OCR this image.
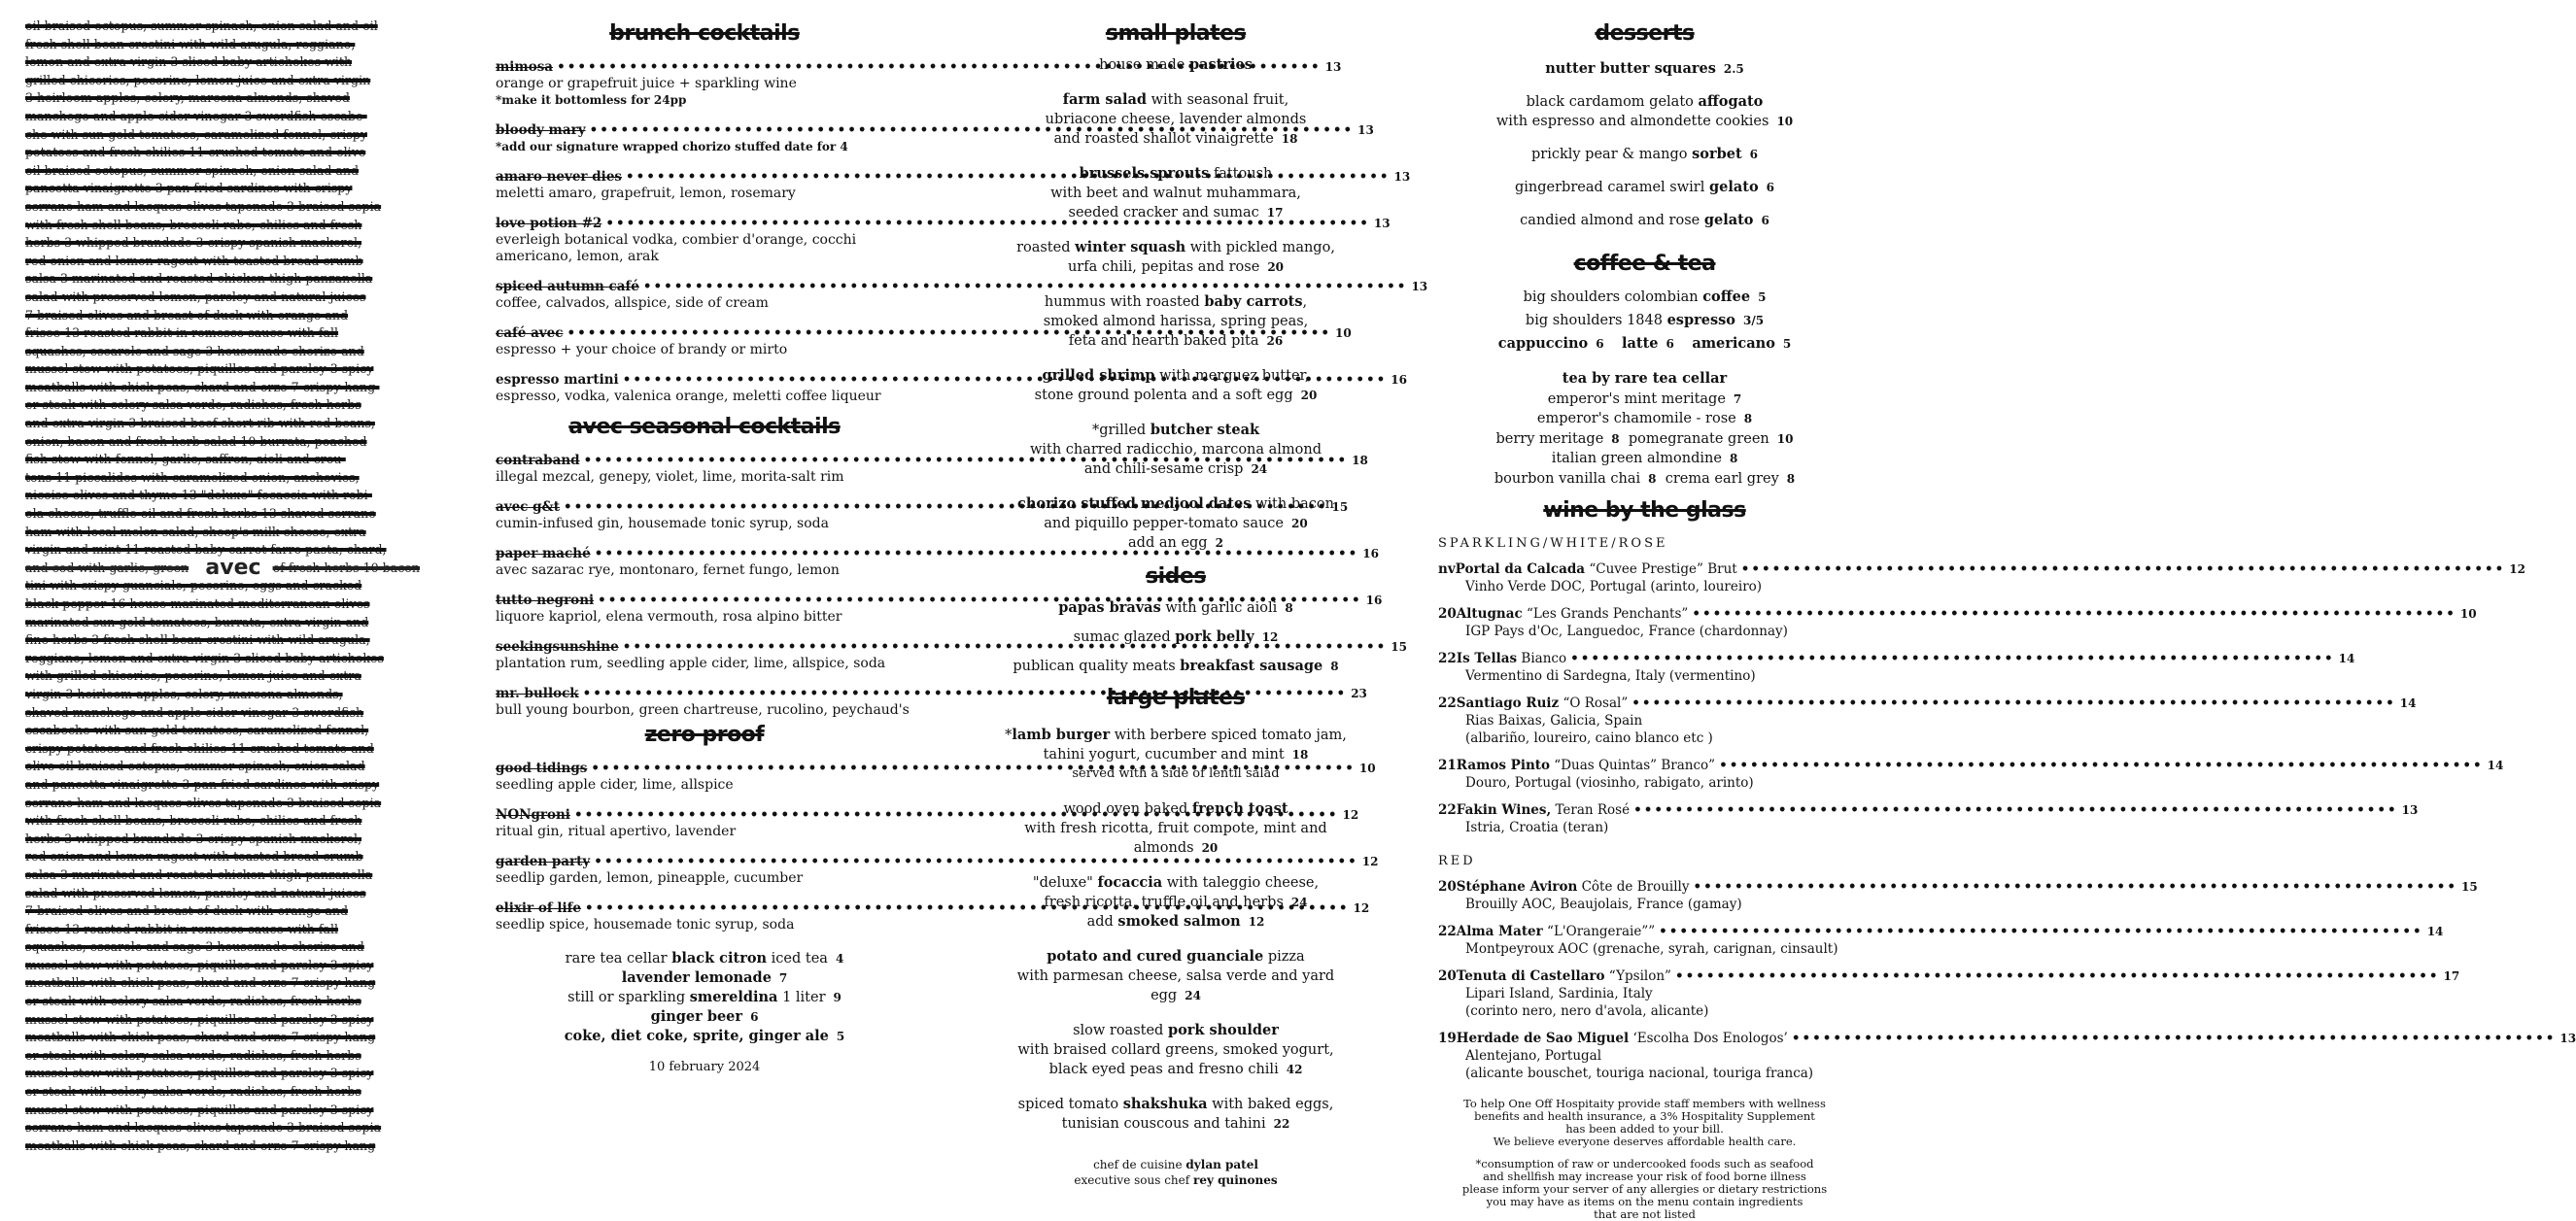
oil braised octopus, summer spinach, onion salad and oil
fresh shell bean crostini with wild arugula, reggiano,
lemon and extra virgin 3 sliced baby artichokes with
grilled chicories, pecorino, lemon juice and extra virgin
3 heirloom apples, celery, marcona almonds, shaved
manchego and apple cider vinegar 3 swordfish escabe-
che with sun gold tomatoes, caramelized fennel, crispy
potatoes and fresh chilies 11 crushed tomato and olive
oil braised octopus, summer spinach, onion salad and
pancetta vinaigrette 3 pan fried sardines with crispy
serrano ham and lacques olives tapenade 3 braised sepia
with fresh shell beans, broccoli rabe, chilies and fresh
herbs 3 whipped brandade 3 crispy spanish mackerel,
red onion and lemon ragout with toasted bread crumb
salsa 3 marinated and roasted chicken thigh panzanella
salad with preserved lemon, parsley and natural juices
7 braised olives and breast of duck with orange and
frisee 13 roasted rabbit in romesco sauce with fall
squashes, escarole and sage 3 housemade chorizo and
mussel stew with potatoes, piquillos and parsley 3 spicy
meatballs with chick peas, chard and orzo 7 crispy hang-
er steak with celery salsa verde, radishes, fresh herbs
and extra virgin 3 braised beef short rib with red beans,
onion, bacon and fresh herb salad 10 burrata, poached
fish stew with fennel, garlic, saffron, aioli and crou-
tons 11 piccalidos with caramelized onion, anchovies,
nicoise olives and thyme 13 "deluxe" focaccia with robi-
ola cheese, truffle oil and fresh herbs 13 shaved serrano
ham with local melon salad, sheep's milk cheese, extra
virgin and mint 11 roasted baby carrot farro pasta, chard,
and cod with garlic, green avec of fresh herbs 10 bacon
tini with crispy guanciale, pecorino, eggs and cracked
black pepper 16 house-marinated mediterranean olives
marinated sun gold tomatoes, burrata, extra virgin and
fine herbs 3 fresh shell bean crostini with wild arugula,
reggiano, lemon and extra virgin 3 sliced baby artichokes
with grilled chicories, pecorino, lemon juice and extra
virgin 3 heirloom apples, celery, marcona almonds,
shaved manchego and apple cider vinegar 3 swordfish
escabeche with sun gold tomatoes, caramelized fennel,
crispy potatoes and fresh chilies 11 crushed tomato and
olive oil braised octopus, summer spinach, onion salad
and pancetta vinaigrette 3 pan fried sardines with crispy
serrano ham and lacques olives tapenade 3 braised sepia
with fresh shell beans, broccoli rabe, chilies and fresh
herbs 3 whipped brandade 3 crispy spanish mackerel,
red onion and lemon ragout with toasted bread crumb
salsa 3 marinated and roasted chicken thigh panzanella
salad with preserved lemon, parsley and natural juices
7 braised olives and breast of duck with orange and
frisee 13 roasted rabbit in romesco sauce with fall
squashes, escarole and sage 3 housemade chorizo and
mussel stew with potatoes, piquillos and parsley 3 spicy
meatballs with chick peas, chard and orzo 7 crispy hang
er steak with celery salsa verde, radishes, fresh herbs
mussel stew with potatoes, piquillos and parsley 3 spicy
meatballs with chick peas, chard and orzo 7 crispy hang
er steak with celery salsa verde, radishes, fresh herbs
mussel stew with potatoes, piquillos and parsley 3 spicy
er steak with celery salsa verde, radishes, fresh herbs
mussel stew with potatoes, piquillos and parsley 3 spicy
serrano ham and lacques olives tapenade 3 braised sepia
meatballs with chick peas, chard and orzo 7 crispy hang
brunch cocktails
mimosa •••••	13
orange or grapefruit juice + sparkling wine
*make it bottomless for 24pp
bloody mary •••••	13
*add our signature wrapped chorizo stuffed date for 4
amaro never dies •••••	13
meletti amaro, grapefruit, lemon, rosemary
love potion #2 •••••	13
everleigh botanical vodka, combier d'orange, cocchi americano, lemon, arak
spiced autumn café •••••	13
coffee, calvados, allspice, side of cream
café avec •••••	10
espresso + your choice of brandy or mirto
espresso martini •••••	16
espresso, vodka, valenica orange, meletti coffee liqueur
avec seasonal cocktails
contraband •••••	18
illegal mezcal, genepy, violet, lime, morita-salt rim
avec g&t •••••	15
cumin-infused gin, housemade tonic syrup, soda
paper maché •••••	16
avec sazarac rye, montonaro, fernet fungo, lemon
tutto negroni •••••	16
liquore kapriol, elena vermouth, rosa alpino bitter
seekingsunshine •••••	15
plantation rum, seedling apple cider, lime, allspice, soda
mr. bullock •••••	23
bull young bourbon, green chartreuse, rucolino, peychaud's
zero proof
good tidings •••••	10
seedling apple cider, lime, allspice
NONgroni •••••	12
ritual gin, ritual apertivo, lavender
garden party •••••	12
seedlip garden, lemon, pineapple, cucumber
elixir of life •••••	12
seedlip spice, housemade tonic syrup, soda
rare tea cellar black citron iced tea 4
lavender lemonade 7
still or sparkling smereldina 1 liter 9
ginger beer 6
coke, diet coke, sprite, ginger ale 5
10 february 2024
small plates
house made pastries
farm salad with seasonal fruit,
ubriacone cheese, lavender almonds
and roasted shallot vinaigrette 18
brussels sprouts fattoush
with beet and walnut muhammara,
seeded cracker and sumac 17
roasted winter squash with pickled mango,
urfa chili, pepitas and rose 20
hummus with roasted baby carrots,
smoked almond harissa, spring peas,
feta and hearth baked pita 26
grilled shrimp with merguez butter,
stone ground polenta and a soft egg 20
*grilled butcher steak
with charred radicchio, marcona almond
and chili-sesame crisp 24
chorizo stuffed medjool dates with bacon
and piquillo pepper-tomato sauce 20
add an egg 2
sides
papas bravas with garlic aioli 8
sumac glazed pork belly 12
publican quality meats breakfast sausage 8
large plates
*lamb burger with berbere spiced tomato jam,
tahini yogurt, cucumber and mint 18
served with a side of lentil salad
wood oven baked french toast
with fresh ricotta, fruit compote, mint and almonds 20
"deluxe" focaccia with taleggio cheese,
fresh ricotta, truffle oil and herbs 24
add smoked salmon 12
potato and cured guanciale pizza
with parmesan cheese, salsa verde and yard egg 24
slow roasted pork shoulder
with braised collard greens, smoked yogurt,
black eyed peas and fresno chili 42
spiced tomato shakshuka with baked eggs,
tunisian couscous and tahini 22
chef de cuisine dylan patel
executive sous chef rey quinones
desserts
nutter butter squares 2.5
black cardamom gelato affogato
with espresso and almondette cookies 10
prickly pear & mango sorbet 6
gingerbread caramel swirl gelato 6
candied almond and rose gelato 6
coffee & tea
big shoulders colombian coffee 5
big shoulders 1848 espresso 3/5
cappuccino 6 latte 6 americano 5
tea by rare tea cellar
emperor's mint meritage 7
emperor's chamomile - rose 8
berry meritage 8 pomegranate green 10
italian green almondine 8
bourbon vanilla chai 8 crema earl grey 8
wine by the glass
SPARKLING/WHITE/ROSE
nv Portal da Calcada “Cuvee Prestige” Brut •••••	12
Vinho Verde DOC, Portugal (arinto, loureiro)
20 Altugnac “Les Grands Penchants” •••••	10
IGP Pays d'Oc, Languedoc, France (chardonnay)
22 Is Tellas Bianco •••••	14
Vermentino di Sardegna, Italy (vermentino)
22 Santiago Ruiz “O Rosal” •••••	14
Rias Baixas, Galicia, Spain
(albariño, loureiro, caino blanco etc )
21 Ramos Pinto “Duas Quintas” Branco” •••••	14
Douro, Portugal (viosinho, rabigato, arinto)
22 Fakin Wines, Teran Rosé •••••	13
Istria, Croatia (teran)
RED
20 Stéphane Aviron Côte de Brouilly •••••	15
Brouilly AOC, Beaujolais, France (gamay)
22 Alma Mater “L'Orangeraie”” •••••	14
Montpeyroux AOC (grenache, syrah, carignan, cinsault)
20 Tenuta di Castellaro “Ypsilon” •••••	17
Lipari Island, Sardinia, Italy
(corinto nero, nero d'avola, alicante)
19 Herdade de Sao Miguel ‘Escolha Dos Enologos’ •••••	13
Alentejano, Portugal
(alicante bouschet, touriga nacional, touriga franca)
To help One Off Hospitaity provide staff members with wellness
benefits and health insurance, a 3% Hospitality Supplement
has been added to your bill.
We believe everyone deserves affordable health care.
*consumption of raw or undercooked foods such as seafood
and shellfish may increase your risk of food borne illness
please inform your server of any allergies or dietary restrictions
you may have as items on the menu contain ingredients
that are not listed
